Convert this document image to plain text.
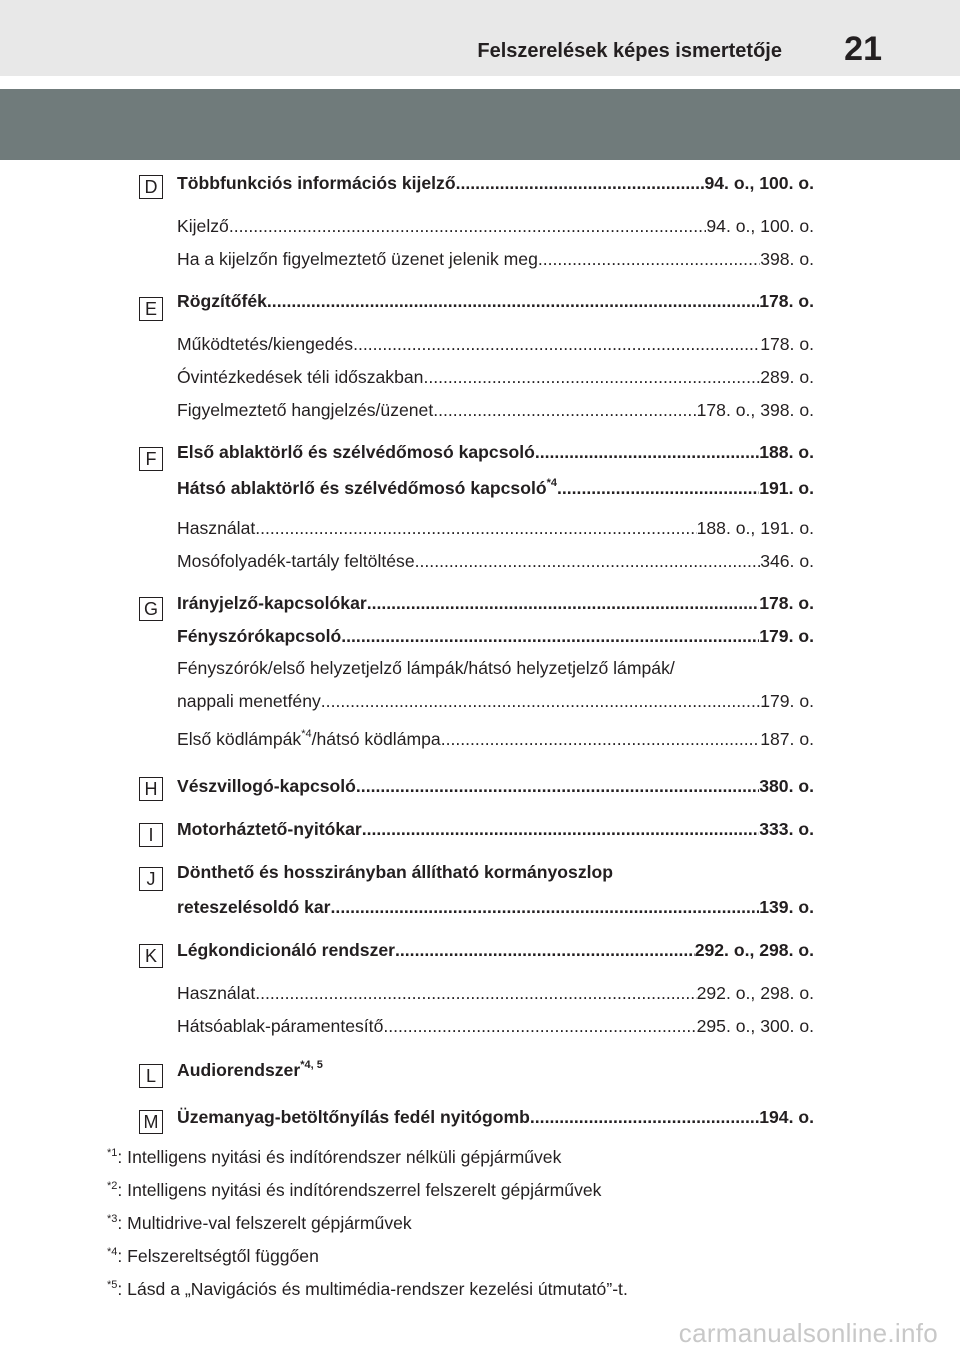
Felszerelések képes ismertetője 21
D	Többfunkciós információs kijelző .....	94. o., 100. o.
Kijelző .....	94. o., 100. o.
Ha a kijelzőn figyelmeztető üzenet jelenik meg .....	398. o.
E	Rögzítőfék .....	178. o.
Működtetés/kiengedés .....	178. o.
Óvintézkedések téli időszakban .....	289. o.
Figyelmeztető hangjelzés/üzenet .....	178. o., 398. o.
F	Első ablaktörlő és szélvédőmosó kapcsoló .....	188. o.
Hátsó ablaktörlő és szélvédőmosó kapcsoló$^{*4}$ .....	191. o.
Használat .....	188. o., 191. o.
Mosófolyadék-tartály feltöltése .....	346. o.
G Irányjelző-kapcsolókar .....	178. o.
Fényszórókapcsoló .....	179. o.
Fényszórók/első helyzetjelző lámpák/hátsó helyzetjelző lámpák/
nappali menetfény .....	179. o.
Első ködlámpák$^{*4}$/hátsó ködlámpa .....	187. o.
H	Vészvillogó-kapcsoló .....	380. o.
I	Motorháztető-nyitókar .....	333. o.
J	Dönthető és hosszirányban állítható kormányoszlop
reteszelésoldó kar .....	139. o.
K	Légkondicionáló rendszer .....	292. o., 298. o.
Használat .....	292. o., 298. o.
Hátsóablak-páramentesítő .....	295. o., 300. o.
L	Audiorendszer$^{*4, 5}$
M Üzemanyag-betöltőnyílás fedél nyitógomb .....	194. o.
$^{*1}$: Intelligens nyitási és indítórendszer nélküli gépjárművek
$^{*2}$: Intelligens nyitási és indítórendszerrel felszerelt gépjárművek
$^{*3}$: Multidrive-val felszerelt gépjárművek
$^{*4}$: Felszereltségtől függően
$^{*5}$: Lásd a „Navigációs és multimédia-rendszer kezelési útmutató”-t.
carmanualsonline.info
